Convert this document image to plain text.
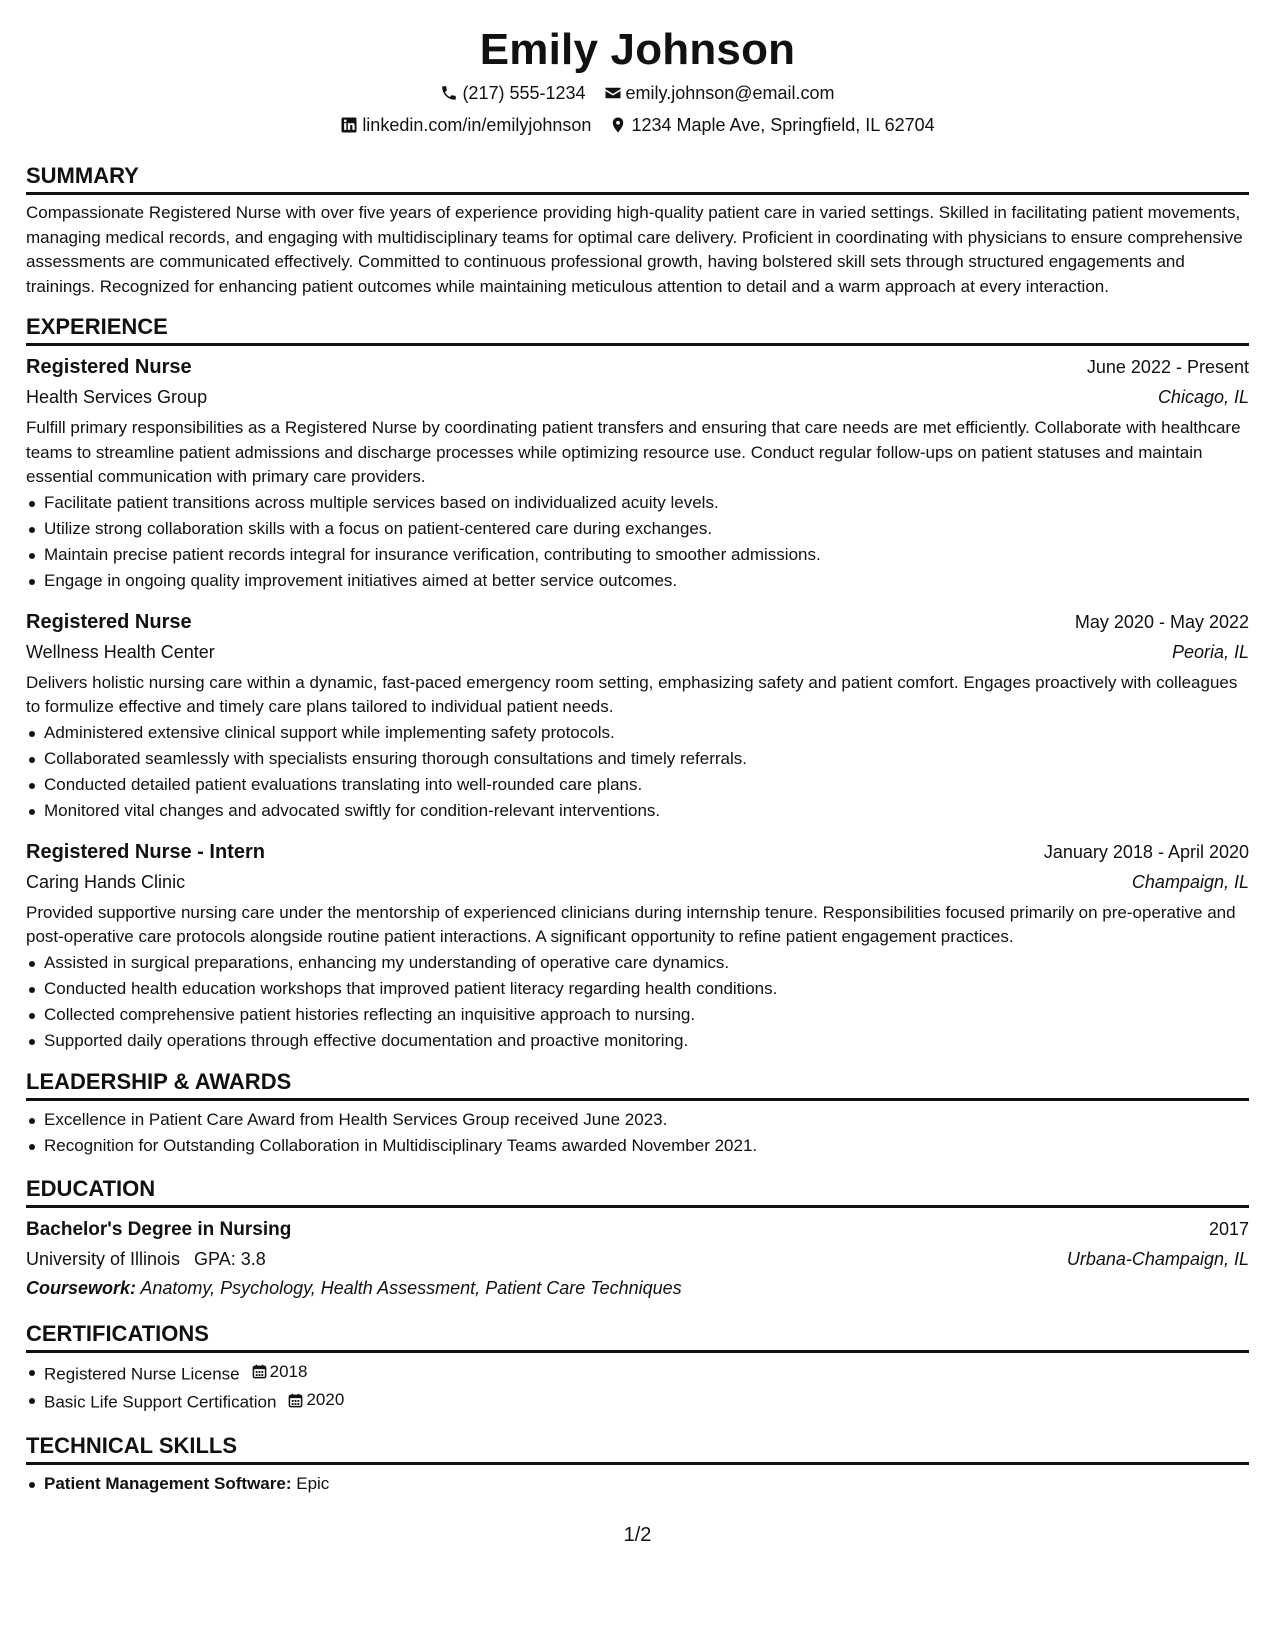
Emily Johnson
(217) 555-1234 emily.johnson@email.com
linkedin.com/in/emilyjohnson 1234 Maple Ave, Springfield, IL 62704
SUMMARY

Compassionate Registered Nurse with over five years of experience providing high-quality patient care in varied settings. Skilled in facilitating patient movements, managing medical records, and engaging with multidisciplinary teams for optimal care delivery. Proficient in coordinating with physicians to ensure comprehensive assessments are communicated effectively. Committed to continuous professional growth, having bolstered skill sets through structured engagements and trainings. Recognized for enhancing patient outcomes while maintaining meticulous attention to detail and a warm approach at every interaction.

EXPERIENCE
Registered Nurse	June 2022 - Present
Health Services Group	Chicago, IL

Fulfill primary responsibilities as a Registered Nurse by coordinating patient transfers and ensuring that care needs are met efficiently. Collaborate with healthcare teams to streamline patient admissions and discharge processes while optimizing resource use. Conduct regular follow-ups on patient statuses and maintain essential communication with primary care providers.

Facilitate patient transitions across multiple services based on individualized acuity levels.
Utilize strong collaboration skills with a focus on patient-centered care during exchanges.
Maintain precise patient records integral for insurance verification, contributing to smoother admissions.
Engage in ongoing quality improvement initiatives aimed at better service outcomes.
Registered Nurse	May 2020 - May 2022
Wellness Health Center	Peoria, IL

Delivers holistic nursing care within a dynamic, fast-paced emergency room setting, emphasizing safety and patient comfort. Engages proactively with colleagues to formulize effective and timely care plans tailored to individual patient needs.

Administered extensive clinical support while implementing safety protocols.
Collaborated seamlessly with specialists ensuring thorough consultations and timely referrals.
Conducted detailed patient evaluations translating into well-rounded care plans.
Monitored vital changes and advocated swiftly for condition-relevant interventions.
Registered Nurse - Intern	January 2018 - April 2020
Caring Hands Clinic	Champaign, IL

Provided supportive nursing care under the mentorship of experienced clinicians during internship tenure. Responsibilities focused primarily on pre-operative and post-operative care protocols alongside routine patient interactions. A significant opportunity to refine patient engagement practices.

Assisted in surgical preparations, enhancing my understanding of operative care dynamics.
Conducted health education workshops that improved patient literacy regarding health conditions.
Collected comprehensive patient histories reflecting an inquisitive approach to nursing.
Supported daily operations through effective documentation and proactive monitoring.
LEADERSHIP & AWARDS
Excellence in Patient Care Award from Health Services Group received June 2023.
Recognition for Outstanding Collaboration in Multidisciplinary Teams awarded November 2021.
EDUCATION
Bachelor's Degree in Nursing	2017
University of Illinois GPA: 3.8	Urbana-Champaign, IL
Coursework: Anatomy, Psychology, Health Assessment, Patient Care Techniques
CERTIFICATIONS
Registered Nurse License 2018
Basic Life Support Certification 2020
TECHNICAL SKILLS
Patient Management Software: Epic
1/2
